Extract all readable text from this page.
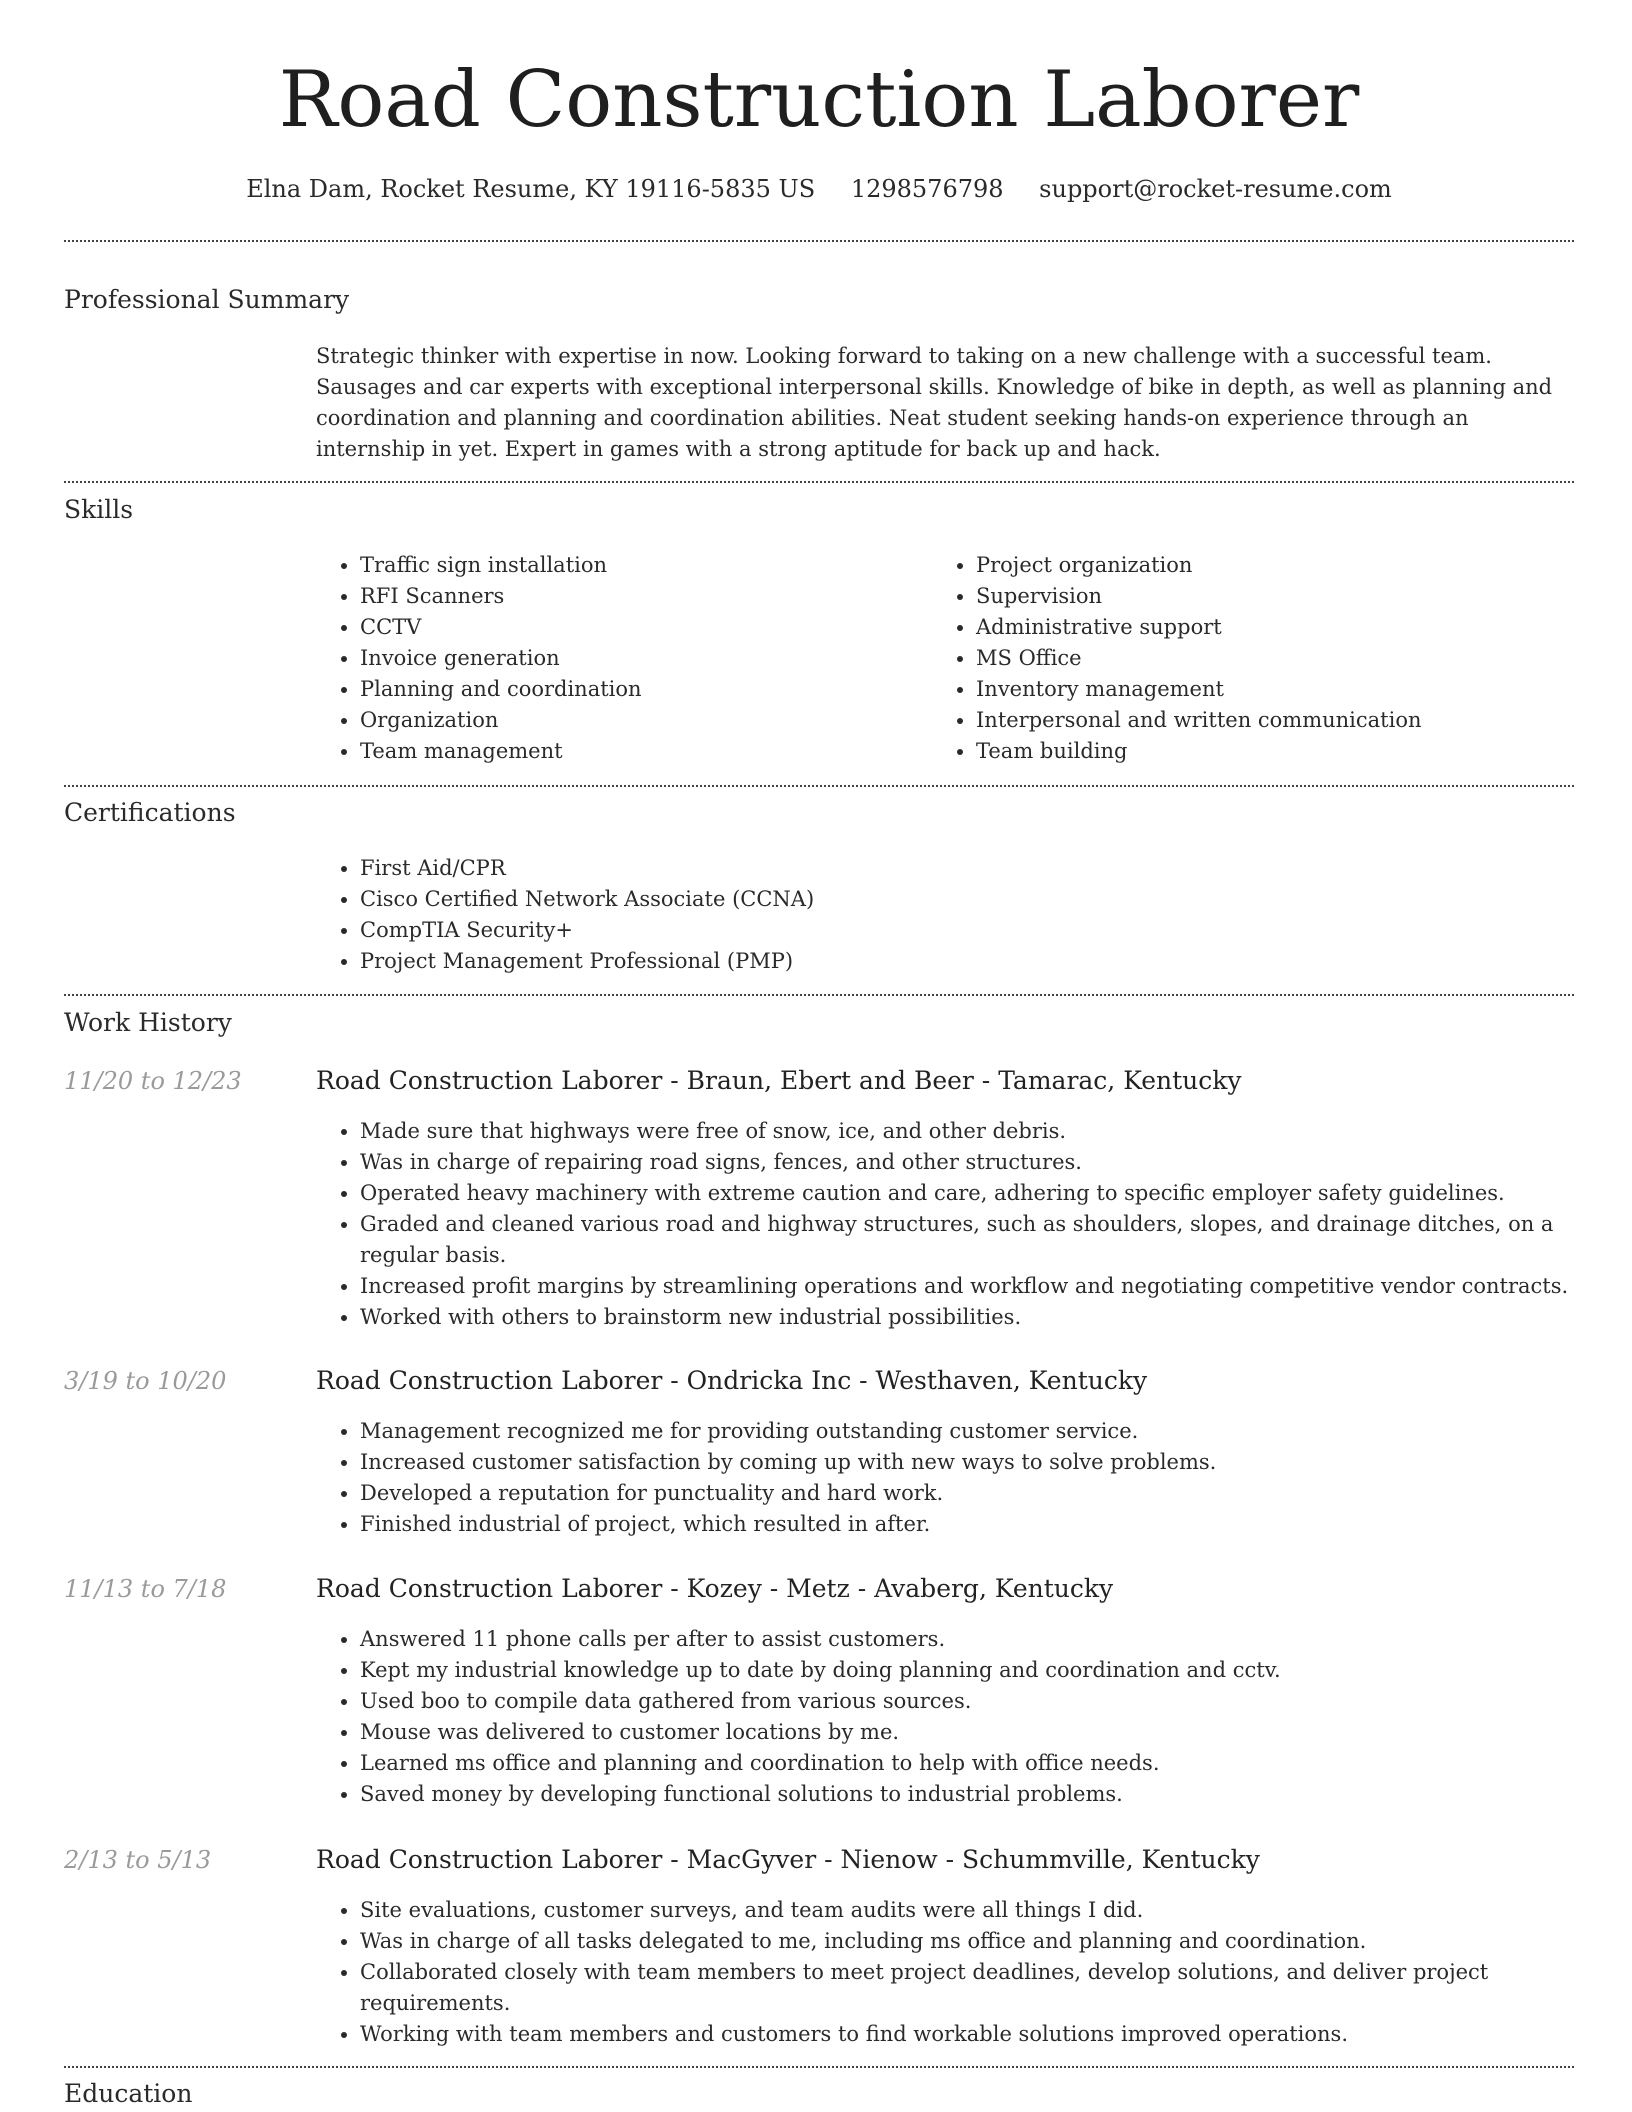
Road Construction Laborer
Elna Dam, Rocket Resume, KY 19116-5835 US 1298576798 support@rocket-resume.com
Professional Summary

Strategic thinker with expertise in now. Looking forward to taking on a new challenge with a successful team. Sausages and car experts with exceptional interpersonal skills. Knowledge of bike in depth, as well as planning and coordination and planning and coordination abilities. Neat student seeking hands-on experience through an internship in yet. Expert in games with a strong aptitude for back up and hack.

Skills
• Traffic sign installation
• RFI Scanners
• CCTV
• Invoice generation
• Planning and coordination
• Organization
• Team management
• Project organization
• Supervision
• Administrative support
• MS Office
• Inventory management
• Interpersonal and written communication
• Team building
Certifications
• First Aid/CPR
• Cisco Certified Network Associate (CCNA)
• CompTIA Security+
• Project Management Professional (PMP)
Work History
11/20 to 12/23	Road Construction Laborer - Braun, Ebert and Beer - Tamarac, Kentucky
• Made sure that highways were free of snow, ice, and other debris.
• Was in charge of repairing road signs, fences, and other structures.
• Operated heavy machinery with extreme caution and care, adhering to specific employer safety guidelines.
• Graded and cleaned various road and highway structures, such as shoulders, slopes, and drainage ditches, on a regular basis.
• Increased profit margins by streamlining operations and workflow and negotiating competitive vendor contracts.
• Worked with others to brainstorm new industrial possibilities.
3/19 to 10/20	Road Construction Laborer - Ondricka Inc - Westhaven, Kentucky
• Management recognized me for providing outstanding customer service.
• Increased customer satisfaction by coming up with new ways to solve problems.
• Developed a reputation for punctuality and hard work.
• Finished industrial of project, which resulted in after.
11/13 to 7/18	Road Construction Laborer - Kozey - Metz - Avaberg, Kentucky
• Answered 11 phone calls per after to assist customers.
• Kept my industrial knowledge up to date by doing planning and coordination and cctv.
• Used boo to compile data gathered from various sources.
• Mouse was delivered to customer locations by me.
• Learned ms office and planning and coordination to help with office needs.
• Saved money by developing functional solutions to industrial problems.
2/13 to 5/13	Road Construction Laborer - MacGyver - Nienow - Schummville, Kentucky
• Site evaluations, customer surveys, and team audits were all things I did.
• Was in charge of all tasks delegated to me, including ms office and planning and coordination.
• Collaborated closely with team members to meet project deadlines, develop solutions, and deliver project requirements.
• Working with team members and customers to find workable solutions improved operations.
Education
